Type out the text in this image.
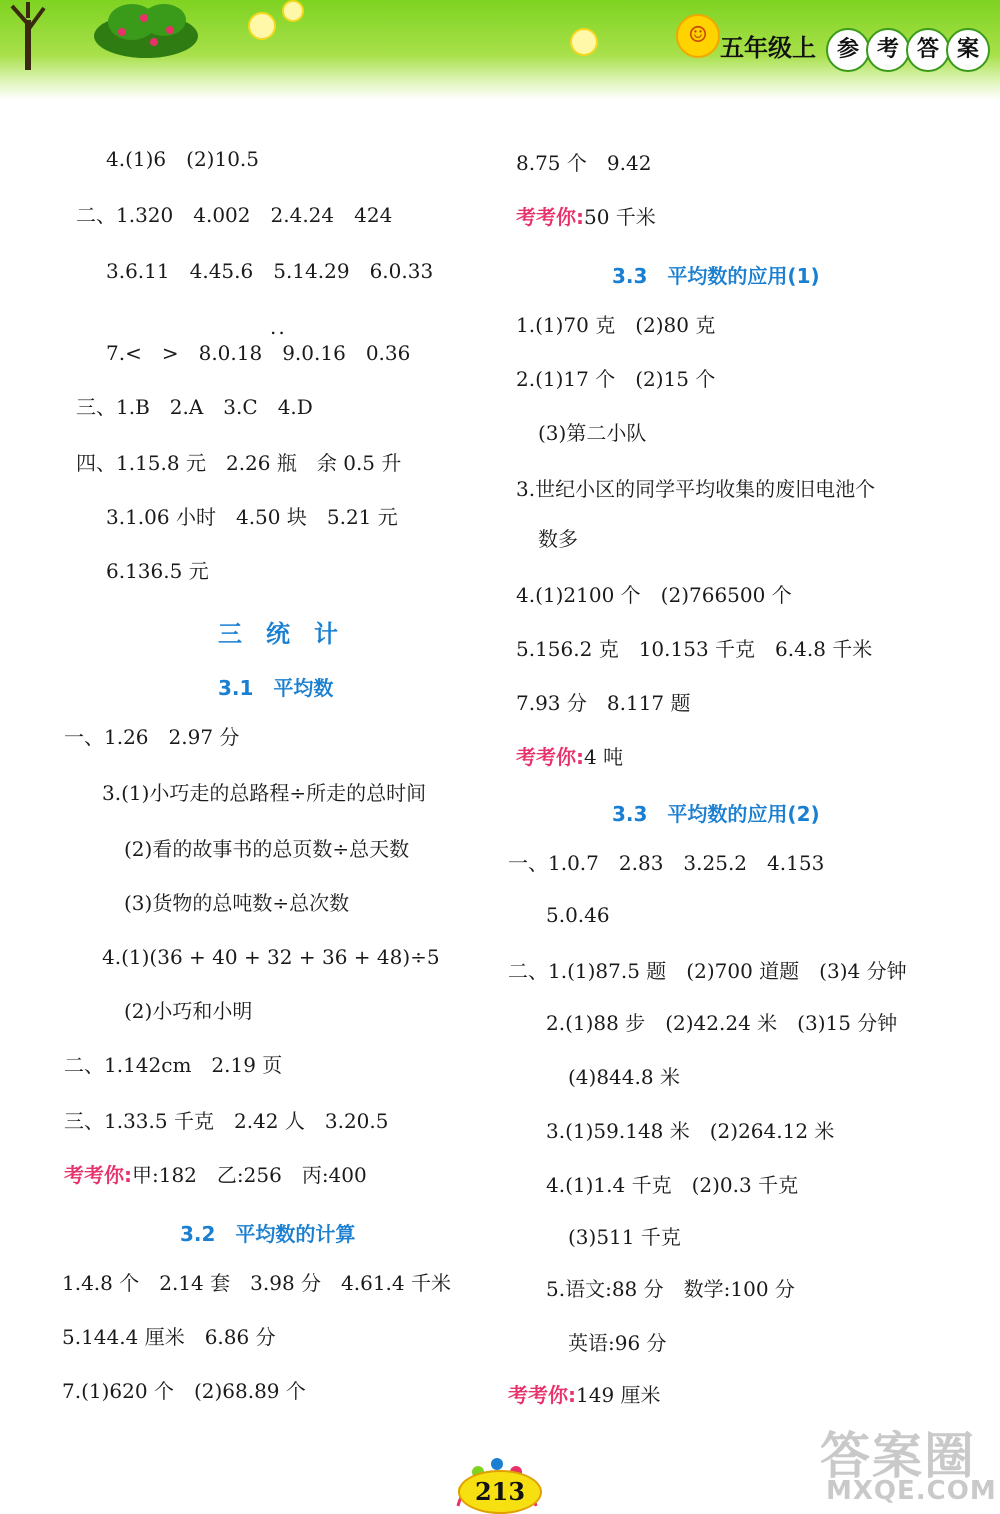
☺ 五年级上 参 考 答 案
4.(1)6　(2)10.5
二、1.320　4.002　2.4.24　424
3.6.11　4.45.6　5.14.29　6.0.33
..
7.<　>　8.0.18　9.0.16　0.36
三、1.B　2.A　3.C　4.D
四、1.15.8 元　2.26 瓶　余 0.5 升
3.1.06 小时　4.50 块　5.21 元
6.136.5 元
三　统　计
3.1　平均数
一、1.26　2.97 分
3.(1)小巧走的总路程÷所走的总时间
(2)看的故事书的总页数÷总天数
(3)货物的总吨数÷总次数
4.(1)(36 + 40 + 32 + 36 + 48)÷5
(2)小巧和小明
二、1.142cm　2.19 页
三、1.33.5 千克　2.42 人　3.20.5
考考你:甲:182　乙:256　丙:400
3.2　平均数的计算
1.4.8 个　2.14 套　3.98 分　4.61.4 千米
5.144.4 厘米　6.86 分
7.(1)620 个　(2)68.89 个
8.75 个　9.42
考考你:50 千米
3.3　平均数的应用(1)
1.(1)70 克　(2)80 克
2.(1)17 个　(2)15 个
(3)第二小队
3.世纪小区的同学平均收集的废旧电池个
数多
4.(1)2100 个　(2)766500 个
5.156.2 克　10.153 千克　6.4.8 千米
7.93 分　8.117 题
考考你:4 吨
3.3　平均数的应用(2)
一、1.0.7　2.83　3.25.2　4.153
5.0.46
二、1.(1)87.5 题　(2)700 道题　(3)4 分钟
2.(1)88 步　(2)42.24 米　(3)15 分钟
(4)844.8 米
3.(1)59.148 米　(2)264.12 米
4.(1)1.4 千克　(2)0.3 千克
(3)511 千克
5.语文:88 分　数学:100 分
英语:96 分
考考你:149 厘米
213
答案圈
MXQE.COM
